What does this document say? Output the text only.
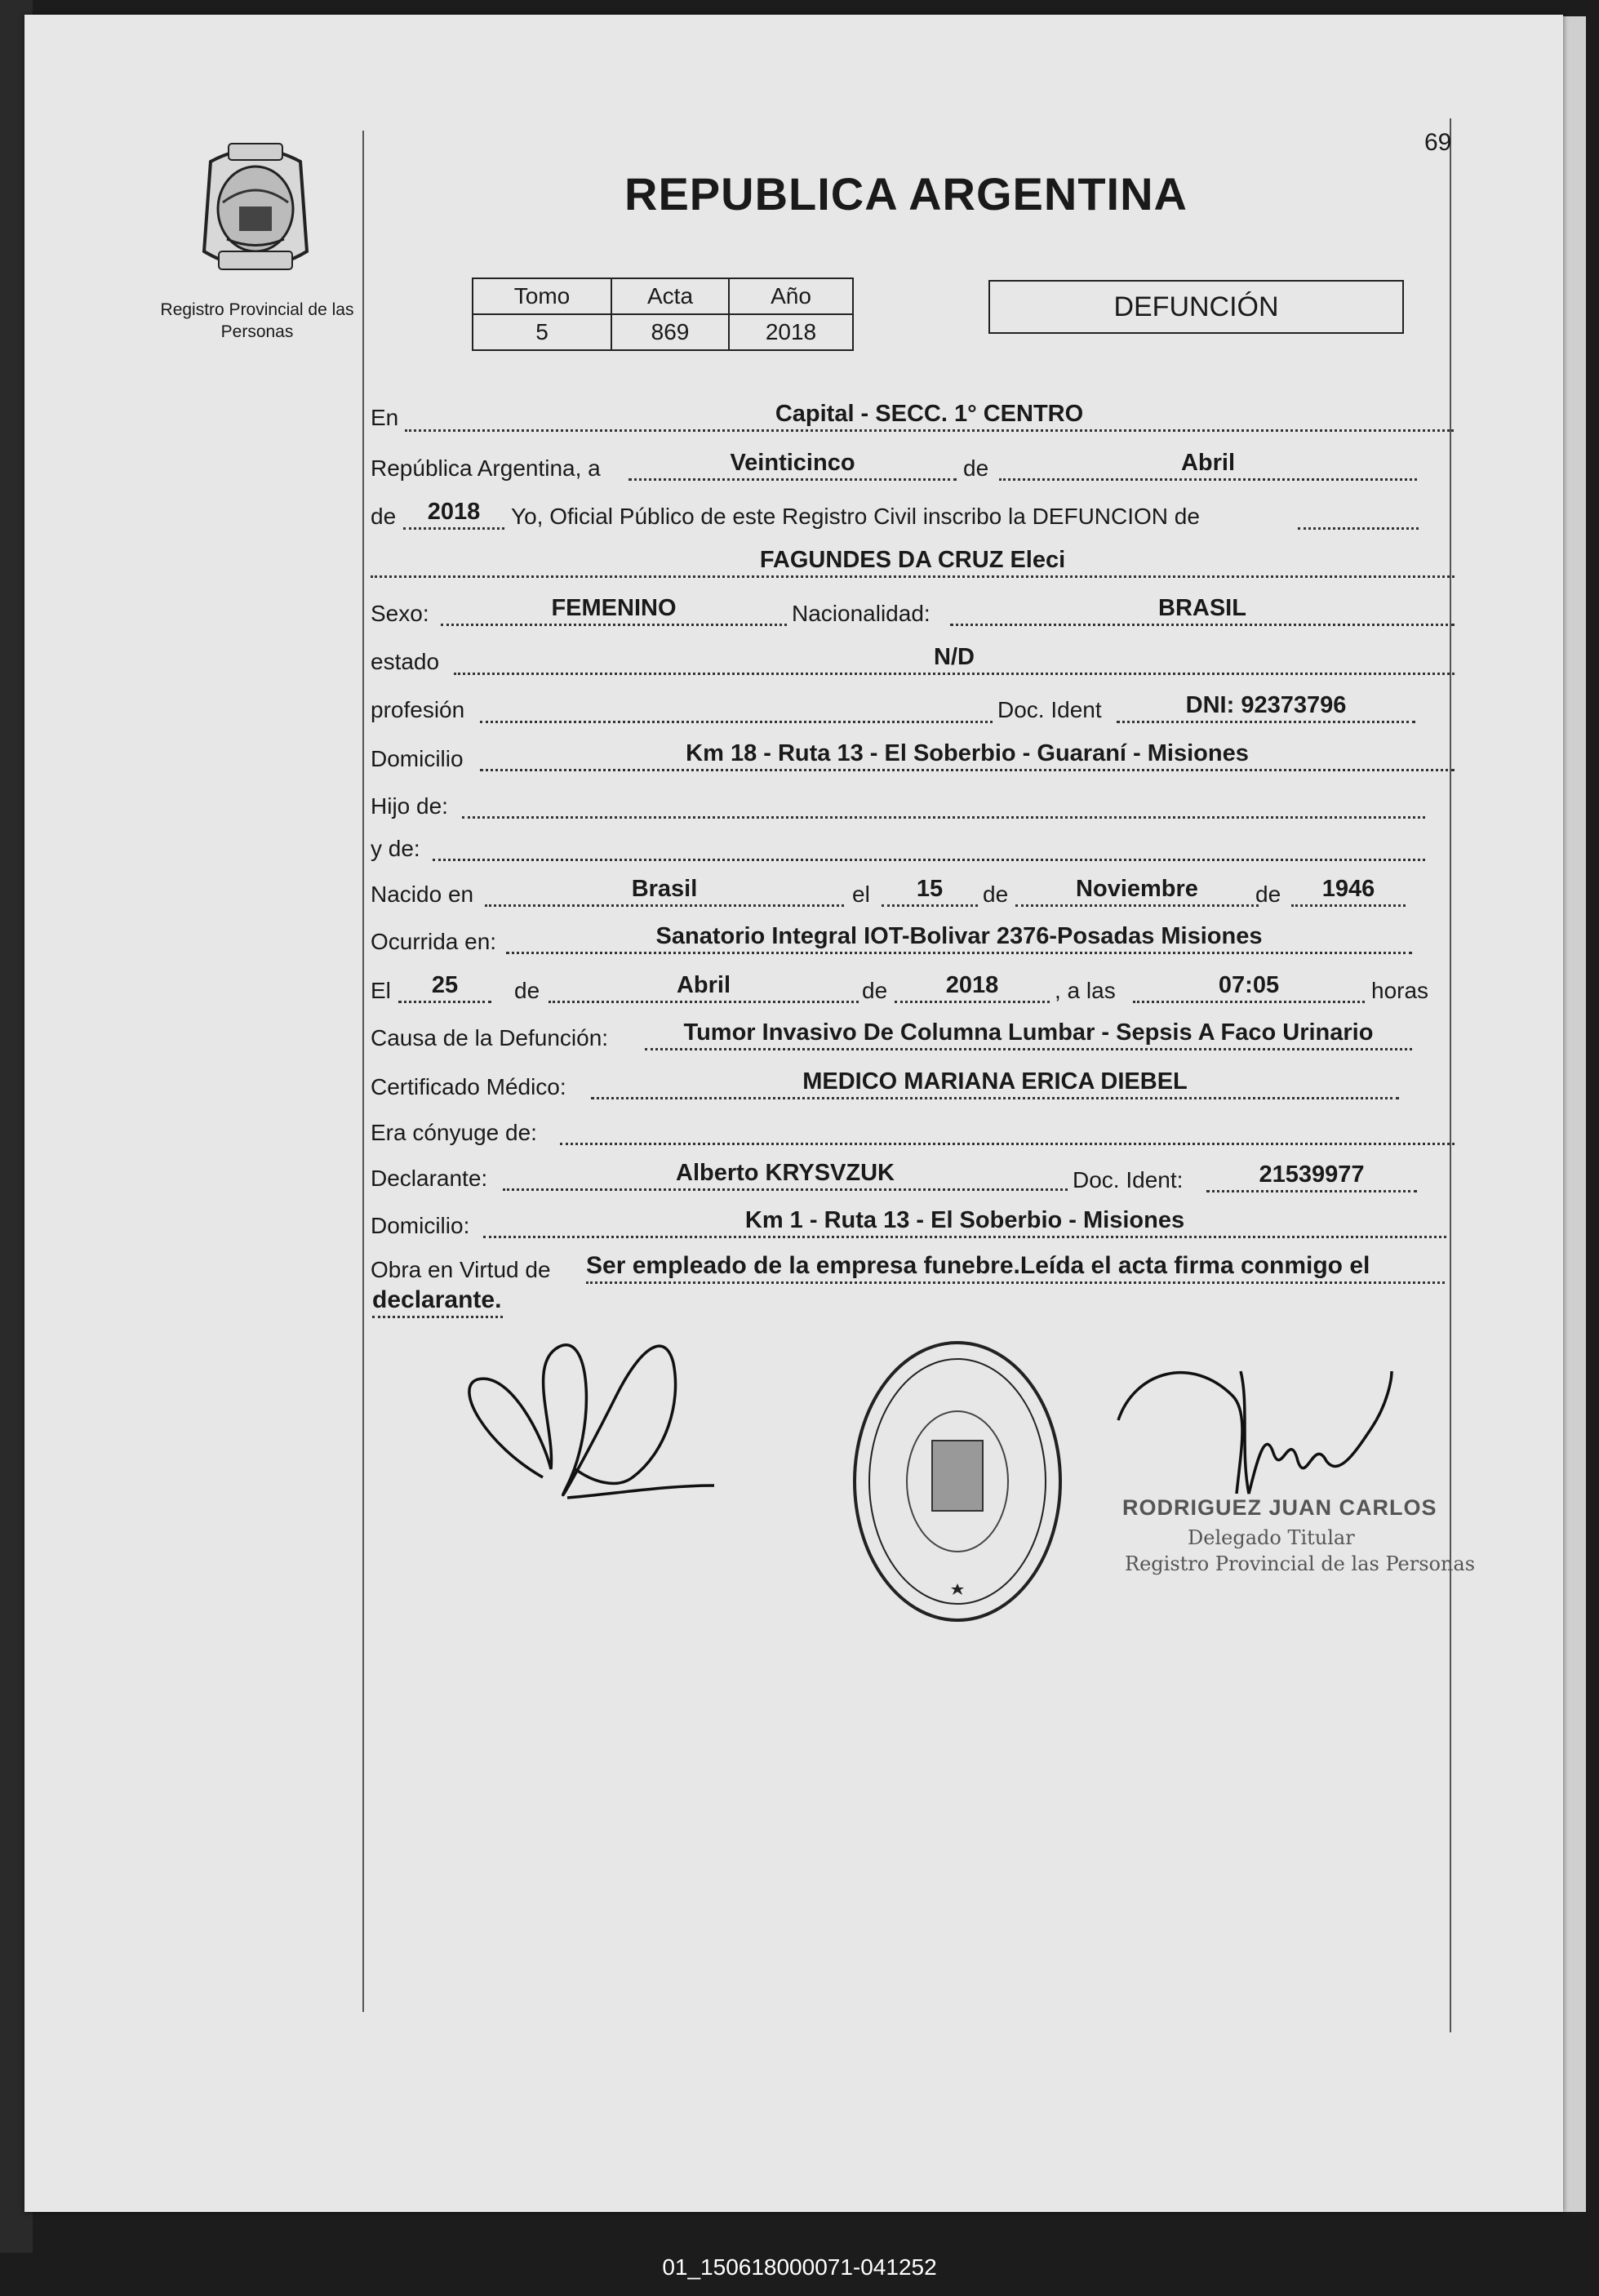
69
Registro Provincial de las Personas
REPUBLICA ARGENTINA
Tomo	Acta	Año
5	869	2018
DEFUNCIÓN
En	Capital - SECC. 1° CENTRO
República Argentina, a	Veinticinco	de	Abril
de	2018	Yo, Oficial Público de este Registro Civil inscribo la DEFUNCION de
FAGUNDES DA CRUZ Eleci
Sexo:	FEMENINO	Nacionalidad:	BRASIL
estado	N/D
profesión	Doc. Ident	DNI: 92373796
Domicilio	Km 18 - Ruta 13 - El Soberbio - Guaraní - Misiones
Hijo de:
y de:
Nacido en	Brasil	el	15	de	Noviembre	de	1946
Ocurrida en:	Sanatorio Integral IOT-Bolivar 2376-Posadas Misiones
El	25	de	Abril	de	2018	, a las	07:05	horas
Causa de la Defunción:	Tumor Invasivo De Columna Lumbar - Sepsis A Faco Urinario
Certificado Médico:	MEDICO MARIANA ERICA DIEBEL
Era cónyuge de:
Declarante:	Alberto KRYSVZUK	Doc. Ident:	21539977
Domicilio:	Km 1 - Ruta 13 - El Soberbio - Misiones
Obra en Virtud de Ser empleado de la empresa funebre.Leída el acta firma conmigo el
declarante.
RODRIGUEZ JUAN CARLOS
Delegado Titular
Registro Provincial de las Personas
01_150618000071-041252
